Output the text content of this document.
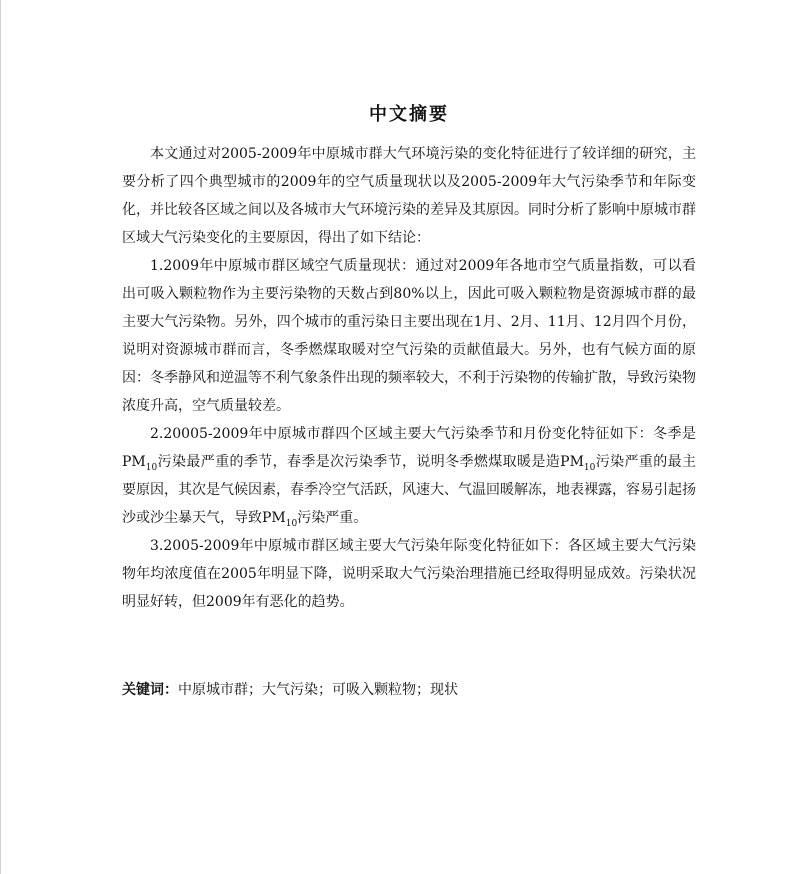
中文摘要

本文通过对2005-2009年中原城市群大气环境污染的变化特征进行了较详细的研究，主要分析了四个典型城市的2009年的空气质量现状以及2005-2009年大气污染季节和年际变化，并比较各区域之间以及各城市大气环境污染的差异及其原因。同时分析了影响中原城市群区域大气污染变化的主要原因，得出了如下结论：

1.2009年中原城市群区域空气质量现状：通过对2009年各地市空气质量指数，可以看出可吸入颗粒物作为主要污染物的天数占到80%以上，因此可吸入颗粒物是资源城市群的最主要大气污染物。另外，四个城市的重污染日主要出现在1月、2月、11月、12月四个月份，说明对资源城市群而言，冬季燃煤取暖对空气污染的贡献值最大。另外，也有气候方面的原因：冬季静风和逆温等不利气象条件出现的频率较大，不利于污染物的传输扩散，导致污染物浓度升高，空气质量较差。

2.20005-2009年中原城市群四个区域主要大气污染季节和月份变化特征如下：冬季是$PM_{10}$污染最严重的季节，春季是次污染季节，说明冬季燃煤取暖是造$PM_{10}$污染严重的最主要原因，其次是气候因素，春季冷空气活跃，风速大、气温回暖解冻，地表裸露，容易引起扬沙或沙尘暴天气，导致$PM_{10}$污染严重。

3.2005-2009年中原城市群区域主要大气污染年际变化特征如下：各区域主要大气污染物年均浓度值在2005年明显下降，说明采取大气污染治理措施已经取得明显成效。污染状况明显好转，但2009年有恶化的趋势。

关键词：中原城市群；大气污染；可吸入颗粒物；现状
